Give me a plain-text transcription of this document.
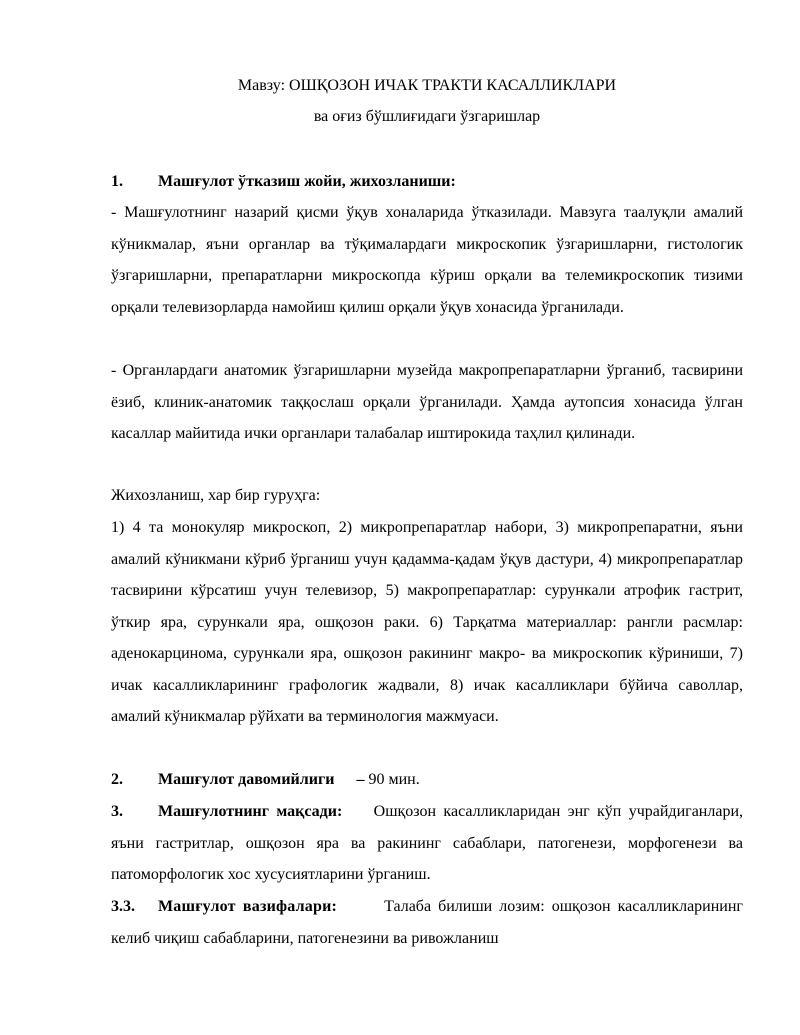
Мавзу: ОШҚОЗОН ИЧАК ТРАКТИ КАСАЛЛИКЛАРИ
ва оғиз бўшлиғидаги ўзгаришлар
1. Машғулот ўтказиш жойи, жихозланиши:

- Машғулотнинг назарий қисми ўқув хоналарида ўтказилади. Мавзуга таалуқли амалий кўникмалар, яъни органлар ва тўқималардаги микроскопик ўзгаришларни, гистологик ўзгаришларни, препаратларни микроскопда кўриш орқали ва телемикроскопик тизими орқали телевизорларда намойиш қилиш орқали ўқув хонасида ўрганилади.

- Органлардаги анатомик ўзгаришларни музейда макропрепаратларни ўрганиб, тасвирини ёзиб, клиник-анатомик таққослаш орқали ўрганилади. Ҳамда аутопсия хонасида ўлган касаллар майитида ички органлари талабалар иштирокида таҳлил қилинади.

Жихозланиш, хар бир гуруҳга:

1) 4 та монокуляр микроскоп, 2) микропрепаратлар набори, 3) микропрепаратни, яъни амалий кўникмани кўриб ўрганиш учун қадамма-қадам ўқув дастури, 4) микропрепаратлар тасвирини кўрсатиш учун телевизор, 5) макропрепаратлар: сурункали атрофик гастрит, ўткир яра, сурункали яра, ошқозон раки. 6) Тарқатма материаллар: рангли расмлар: аденокарцинома, сурункали яра, ошқозон ракининг макро- ва микроскопик кўриниши, 7) ичак касалликларининг графологик жадвали, 8) ичак касалликлари бўйича саволлар, амалий кўникмалар рўйхати ва терминология мажмуаси.

2. Машғулот давомийлиги – 90 мин.

3. Машғулотнинг мақсади: Ошқозон касалликларидан энг кўп учрайдиганлари, яъни гастритлар, ошқозон яра ва ракининг сабаблари, патогенези, морфогенези ва патоморфологик хос хусусиятларини ўрганиш.

3.3. Машғулот вазифалари:	Талаба билиши лозим: ошқозон касалликларининг келиб чиқиш сабабларини, патогенезини ва ривожланиш
